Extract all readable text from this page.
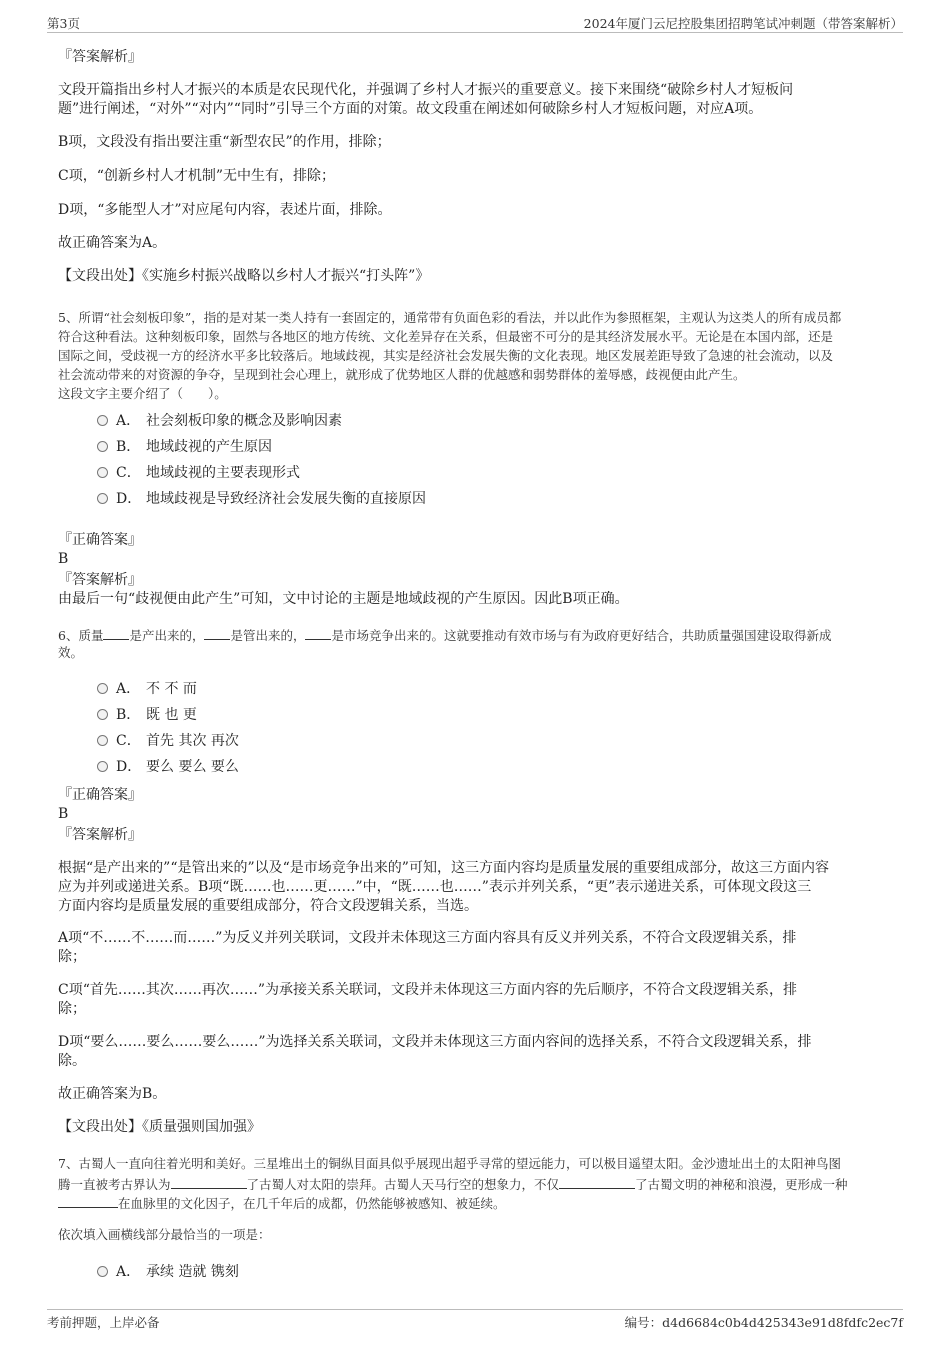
第3页	2024年厦门云尼控股集团招聘笔试冲刺题（带答案解析）
『答案解析』
文段开篇指出乡村人才振兴的本质是农民现代化，并强调了乡村人才振兴的重要意义。接下来围绕“破除乡村人才短板问
题”进行阐述，“对外”“对内”“同时”引导三个方面的对策。故文段重在阐述如何破除乡村人才短板问题，对应A项。
B项，文段没有指出要注重“新型农民”的作用，排除；
C项，“创新乡村人才机制”无中生有，排除；
D项，“多能型人才”对应尾句内容，表述片面，排除。
故正确答案为A。
【文段出处】《实施乡村振兴战略以乡村人才振兴“打头阵”》
5、所谓“社会刻板印象”，指的是对某一类人持有一套固定的，通常带有负面色彩的看法，并以此作为参照框架，主观认为这类人的所有成员都
符合这种看法。这种刻板印象，固然与各地区的地方传统、文化差异存在关系，但最密不可分的是其经济发展水平。无论是在本国内部，还是
国际之间，受歧视一方的经济水平多比较落后。地域歧视，其实是经济社会发展失衡的文化表现。地区发展差距导致了急速的社会流动，以及
社会流动带来的对资源的争夺，呈现到社会心理上，就形成了优势地区人群的优越感和弱势群体的羞辱感，歧视便由此产生。
这段文字主要介绍了（　　）。
A． 社会刻板印象的概念及影响因素
B． 地域歧视的产生原因
C． 地域歧视的主要表现形式
D． 地域歧视是导致经济社会发展失衡的直接原因
『正确答案』
B
『答案解析』
由最后一句“歧视便由此产生”可知，文中讨论的主题是地域歧视的产生原因。因此B项正确。
6、质量 是产出来的， 是管出来的， 是市场竞争出来的。这就要推动有效市场与有为政府更好结合，共助质量强国建设取得新成
效。
A． 不 不 而
B． 既 也 更
C． 首先 其次 再次
D． 要么 要么 要么
『正确答案』
B
『答案解析』
根据“是产出来的”“是管出来的”以及“是市场竞争出来的”可知，这三方面内容均是质量发展的重要组成部分，故这三方面内容
应为并列或递进关系。B项“既……也……更……”中，“既……也……”表示并列关系，“更”表示递进关系，可体现文段这三
方面内容均是质量发展的重要组成部分，符合文段逻辑关系，当选。
A项“不……不……而……”为反义并列关联词，文段并未体现这三方面内容具有反义并列关系，不符合文段逻辑关系，排
除；
C项“首先……其次……再次……”为承接关系关联词，文段并未体现这三方面内容的先后顺序，不符合文段逻辑关系，排
除；
D项“要么……要么……要么……”为选择关系关联词，文段并未体现这三方面内容间的选择关系，不符合文段逻辑关系，排
除。
故正确答案为B。
【文段出处】《质量强则国加强》
7、古蜀人一直向往着光明和美好。三星堆出土的铜纵目面具似乎展现出超乎寻常的望远能力，可以极目遥望太阳。金沙遗址出土的太阳神鸟图
腾一直被考古界认为	了古蜀人对太阳的崇拜。古蜀人天马行空的想象力，不仅	了古蜀文明的神秘和浪漫，更形成一种
在血脉里的文化因子，在几千年后的成都，仍然能够被感知、被延续。
依次填入画横线部分最恰当的一项是：
A． 承续 造就 镌刻
考前押题，上岸必备	编号：d4d6684c0b4d425343e91d8fdfc2ec7f
